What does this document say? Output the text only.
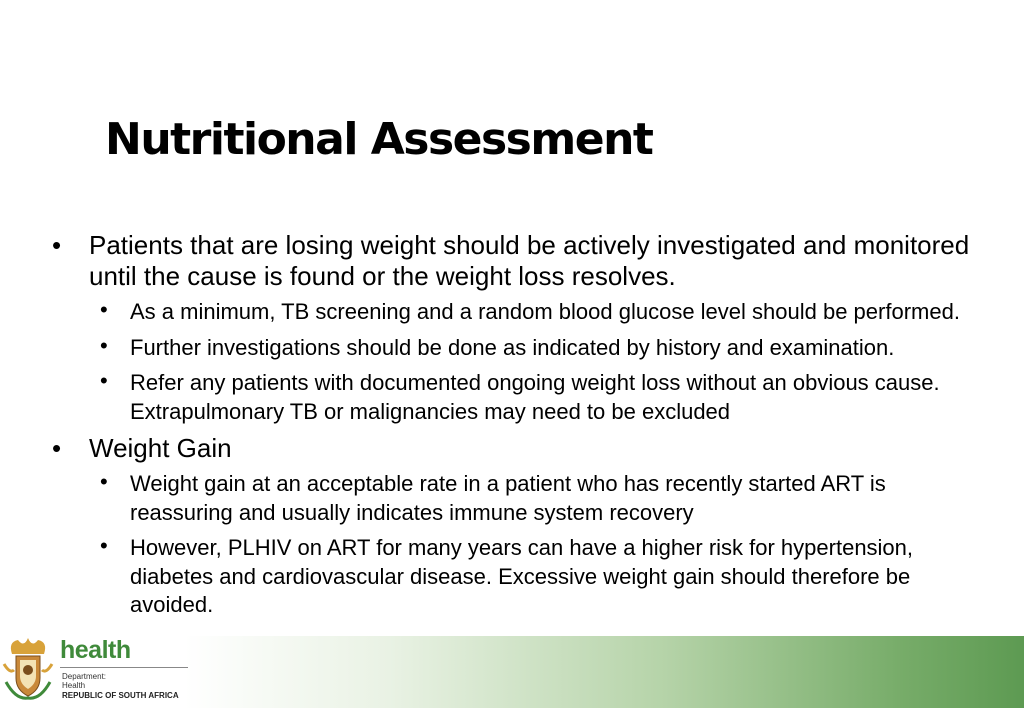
health
Department:
Health
REPUBLIC OF SOUTH AFRICA
Nutritional Assessment
• Patients that are losing weight should be actively investigated and monitored until the cause is found or the weight loss resolves.
• As a minimum, TB screening and a random blood glucose level should be performed.
• Further investigations should be done as indicated by history and examination.
• Refer any patients with documented ongoing weight loss without an obvious cause. Extrapulmonary TB or malignancies may need to be excluded
• Weight Gain
• Weight gain at an acceptable rate in a patient who has recently started ART is reassuring and usually indicates immune system recovery
• However, PLHIV on ART for many years can have a higher risk for hypertension, diabetes and cardiovascular disease. Excessive weight gain should therefore be avoided.
